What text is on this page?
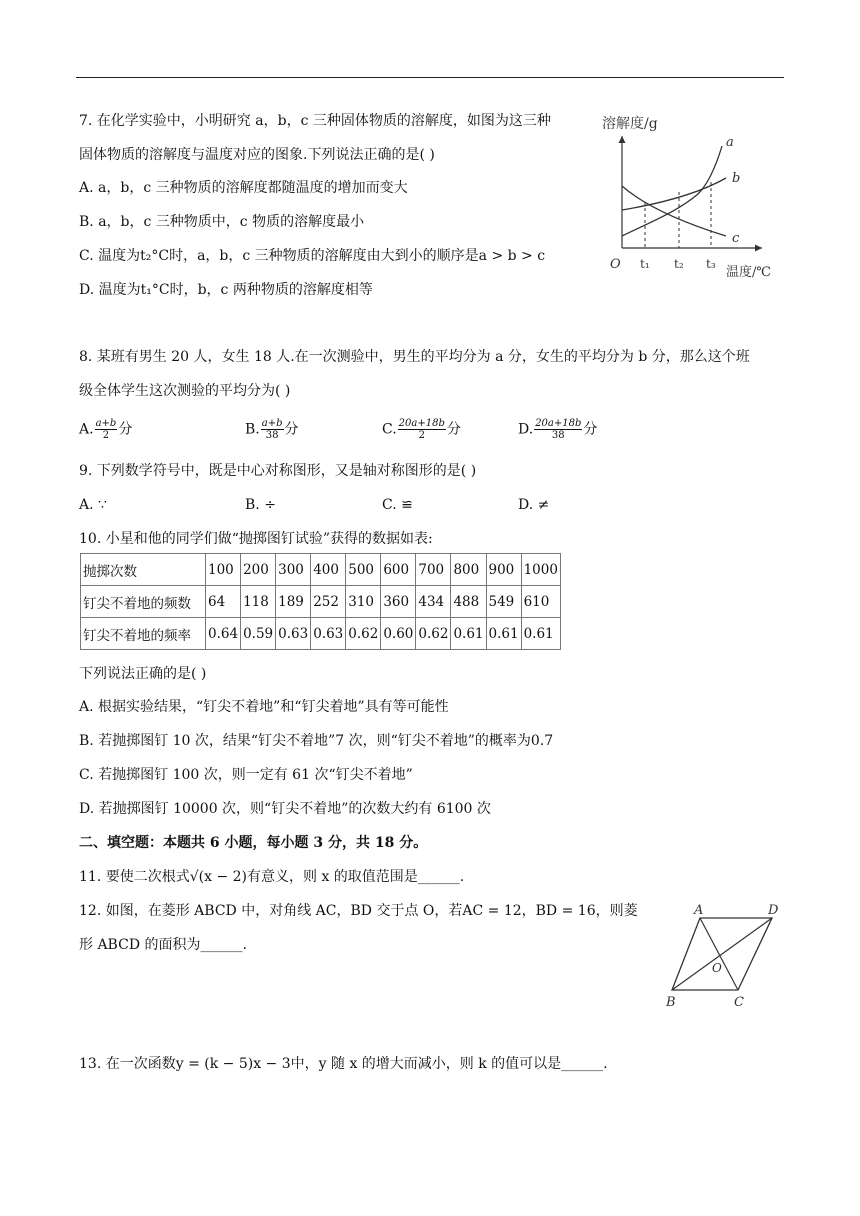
7. 在化学实验中，小明研究 a，b，c 三种固体物质的溶解度，如图为这三种
固体物质的溶解度与温度对应的图象.下列说法正确的是( )
A. a，b，c 三种物质的溶解度都随温度的增加而变大
B. a，b，c 三种物质中，c 物质的溶解度最小
C. 温度为t₂°C时，a，b，c 三种物质的溶解度由大到小的顺序是a > b > c
D. 温度为t₁°C时，b，c 两种物质的溶解度相等
溶解度/g
温度/℃
O
a
b
c
t₁ t₂ t₃
8. 某班有男生 20 人，女生 18 人.在一次测验中，男生的平均分为 a 分，女生的平均分为 b 分，那么这个班
级全体学生这次测验的平均分为( )
A. $\frac{a+b}{2}$ 分	B. $\frac{a+b}{38}$ 分	C. $\frac{20a+18b}{2}$ 分	D. $\frac{20a+18b}{38}$ 分
9. 下列数学符号中，既是中心对称图形，又是轴对称图形的是( )
A. ∵	B. ÷	C. ≌	D. ≠
10. 小星和他的同学们做“抛掷图钉试验”获得的数据如表:
抛掷次数	100	200	300	400	500	600	700	800	900	1000
钉尖不着地的频数	64	118	189	252	310	360	434	488	549	610
钉尖不着地的频率	0.64	0.59	0.63	0.63	0.62	0.60	0.62	0.61	0.61	0.61
下列说法正确的是( )
A. 根据实验结果，“钉尖不着地”和“钉尖着地”具有等可能性
B. 若抛掷图钉 10 次，结果“钉尖不着地”7 次，则“钉尖不着地”的概率为0.7
C. 若抛掷图钉 100 次，则一定有 61 次“钉尖不着地”
D. 若抛掷图钉 10000 次，则“钉尖不着地”的次数大约有 6100 次
二、填空题：本题共 6 小题，每小题 3 分，共 18 分。
11. 要使二次根式√(x − 2)有意义，则 x 的取值范围是______.
12. 如图，在菱形 ABCD 中，对角线 AC，BD 交于点 O，若AC = 12，BD = 16，则菱
形 ABCD 的面积为______.
A	D
B	C
O
13. 在一次函数y = (k − 5)x − 3中，y 随 x 的增大而减小，则 k 的值可以是______.
